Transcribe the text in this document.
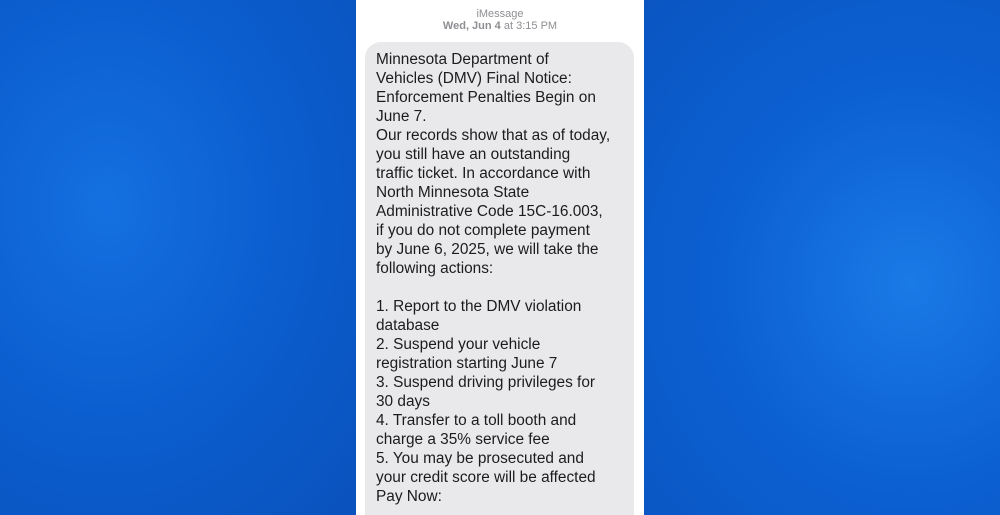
iMessage
Wed, Jun 4 at 3:15 PM
Minnesota Department of
Vehicles (DMV) Final Notice:
Enforcement Penalties Begin on
June 7.
Our records show that as of today,
you still have an outstanding
traffic ticket. In accordance with
North Minnesota State
Administrative Code 15C-16.003,
if you do not complete payment
by June 6, 2025, we will take the
following actions:

1. Report to the DMV violation
database
2. Suspend your vehicle
registration starting June 7
3. Suspend driving privileges for
30 days
4. Transfer to a toll booth and
charge a 35% service fee
5. You may be prosecuted and
your credit score will be affected
Pay Now:
